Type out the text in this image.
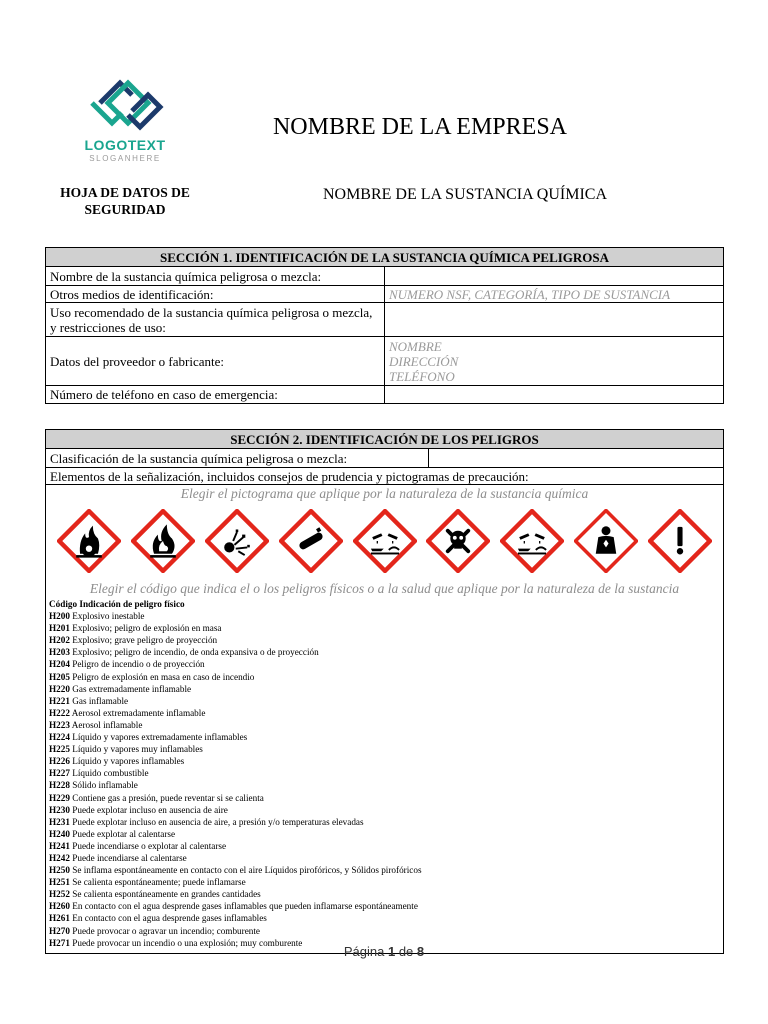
LOGOTEXT
SLOGANHERE
NOMBRE DE LA EMPRESA
HOJA DE DATOS DE SEGURIDAD
NOMBRE DE LA SUSTANCIA QUÍMICA
SECCIÓN 1. IDENTIFICACIÓN DE LA SUSTANCIA QUÍMICA PELIGROSA	
Nombre de la sustancia química peligrosa o mezcla:	
Otros medios de identificación:	NUMERO NSF, CATEGORÍA, TIPO DE SUSTANCIA
Uso recomendado de la sustancia química peligrosa o mezcla, y restricciones de uso:	
Datos del proveedor o fabricante:	NOMBRE
DIRECCIÓN
TELÉFONO

Número de teléfono en caso de emergencia:	
SECCIÓN 2. IDENTIFICACIÓN DE LOS PELIGROS
Clasificación de la sustancia química peligrosa o mezcla:	
Elementos de la señalización, incluidos consejos de prudencia y pictogramas de precaución:

Elegir el pictograma que aplique por la naturaleza de la sustancia química
Elegir el código que indica el o los peligros físicos o a la salud que aplique por la naturaleza de la sustancia
Código Indicación de peligro físico
H200 Explosivo inestable
H201 Explosivo; peligro de explosión en masa
H202 Explosivo; grave peligro de proyección
H203 Explosivo; peligro de incendio, de onda expansiva o de proyección
H204 Peligro de incendio o de proyección
H205 Peligro de explosión en masa en caso de incendio
H220 Gas extremadamente inflamable
H221 Gas inflamable
H222 Aerosol extremadamente inflamable
H223 Aerosol inflamable
H224 Líquido y vapores extremadamente inflamables
H225 Líquido y vapores muy inflamables
H226 Líquido y vapores inflamables
H227 Líquido combustible
H228 Sólido inflamable
H229 Contiene gas a presión, puede reventar si se calienta
H230 Puede explotar incluso en ausencia de aire
H231 Puede explotar incluso en ausencia de aire, a presión y/o temperaturas elevadas
H240 Puede explotar al calentarse
H241 Puede incendiarse o explotar al calentarse
H242 Puede incendiarse al calentarse
H250 Se inflama espontáneamente en contacto con el aire Líquidos pirofóricos, y Sólidos pirofóricos
H251 Se calienta espontáneamente; puede inflamarse
H252 Se calienta espontáneamente en grandes cantidades
H260 En contacto con el agua desprende gases inflamables que pueden inflamarse espontáneamente
H261 En contacto con el agua desprende gases inflamables
H270 Puede provocar o agravar un incendio; comburente
H271 Puede provocar un incendio o una explosión; muy comburente
Página 1 de 8
